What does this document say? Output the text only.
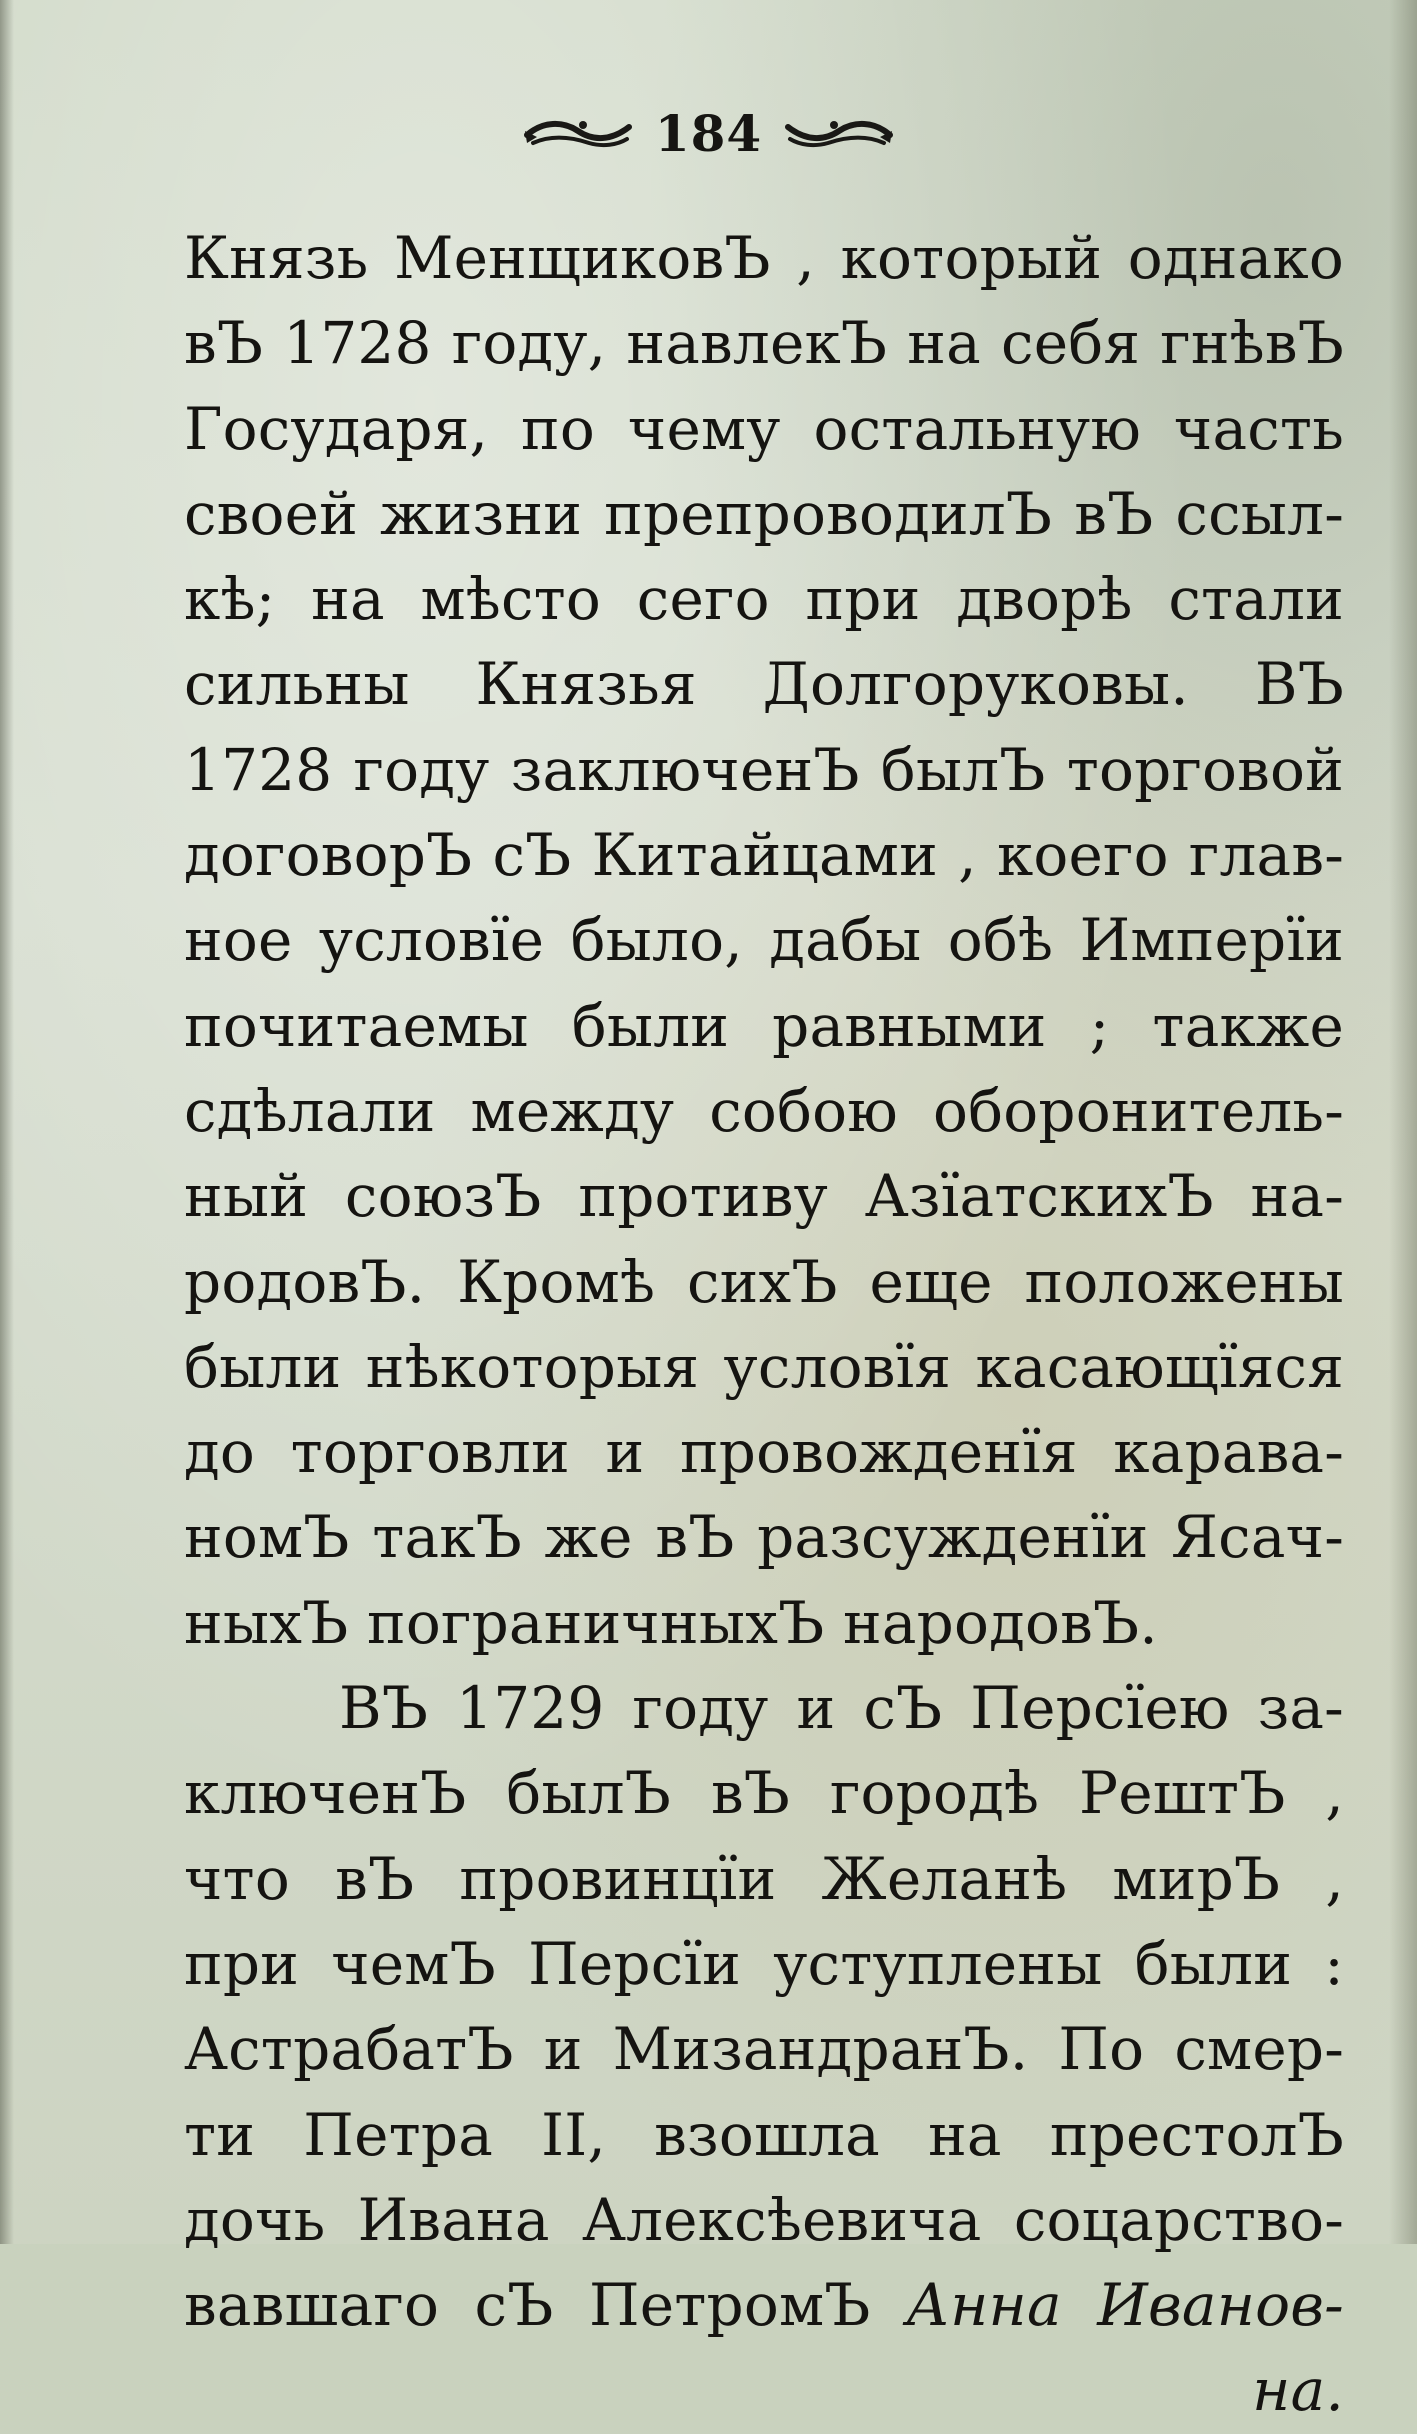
184
Князь МенщиковЪ , который однако
вЪ 1728 году, навлекЪ на себя гнѣвЪ
Государя, по чему остальную часть
своей жизни препроводилЪ вЪ ссыл-
кѣ; на мѣсто сего при дворѣ стали
сильны Князья Долгоруковы. ВЪ
1728 году заключенЪ былЪ торговой
договорЪ сЪ Китайцами , коего глав-
ное условїе было, дабы обѣ Имперїи
почитаемы были равными ; также
сдѣлали между собою оборонитель-
ный союзЪ противу АзїатскихЪ на-
родовЪ. Кромѣ сихЪ еще положены
были нѣкоторыя условїя касающїяся
до торговли и провожденїя карава-
номЪ такЪ же вЪ разсужденїи Ясач-
ныхЪ пограничныхЪ народовЪ.
ВЪ 1729 году и сЪ Персїею за-
ключенЪ былЪ вЪ городѣ РештЪ ,
что вЪ провинцїи Желанѣ мирЪ ,
при чемЪ Персїи уступлены были :
АстрабатЪ и МизандранЪ. По смер-
ти Петра II, взошла на престолЪ
дочь Ивана Алексѣевича соцарство-
вавшаго сЪ ПетромЪ Анна Иванов-
на.
